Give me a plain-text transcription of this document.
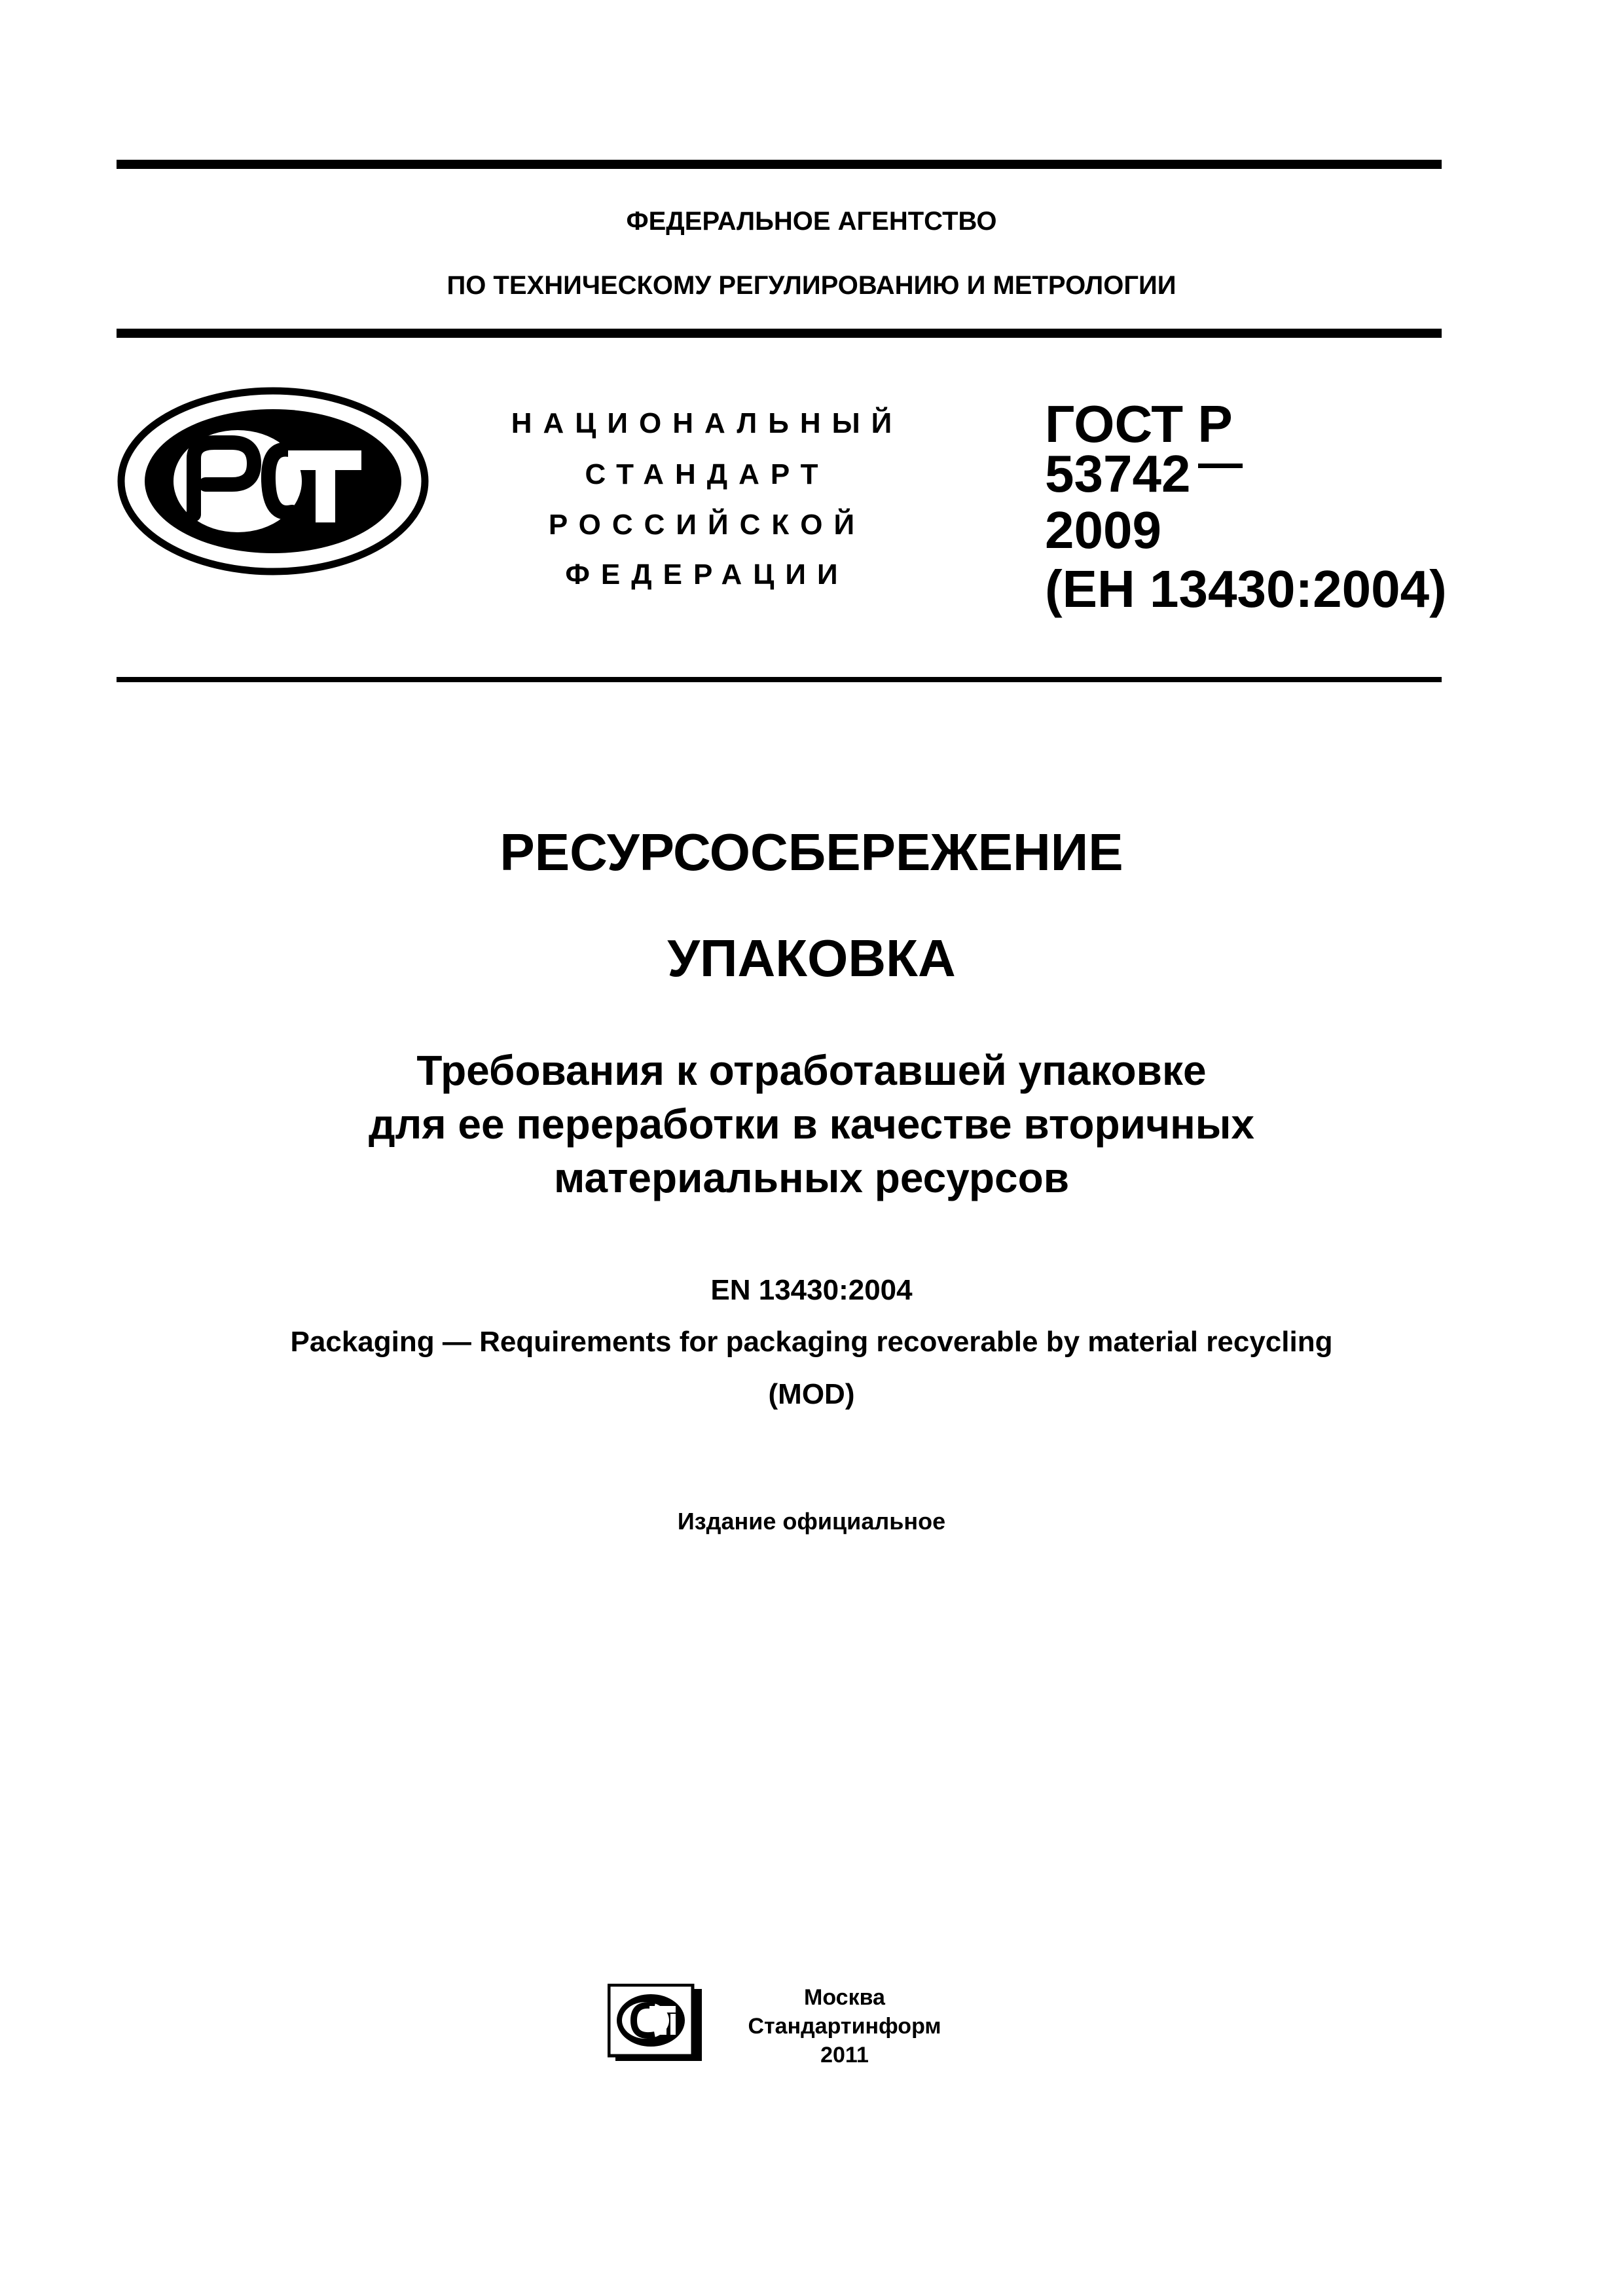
ФЕДЕРАЛЬНОЕ АГЕНТСТВО
ПО ТЕХНИЧЕСКОМУ РЕГУЛИРОВАНИЮ И МЕТРОЛОГИИ
НАЦИОНАЛЬНЫЙ
СТАНДАРТ
РОССИЙСКОЙ
ФЕДЕРАЦИИ
ГОСТ Р
53742
2009
(ЕН 13430:2004)
РЕСУРСОСБЕРЕЖЕНИЕ
УПАКОВКА
Требования к отработавшей упаковке
для ее переработки в качестве вторичных
материальных ресурсов
EN 13430:2004
Packaging — Requirements for packaging recoverable by material recycling
(MOD)
Издание официальное
Москва
Стандартинформ
2011
